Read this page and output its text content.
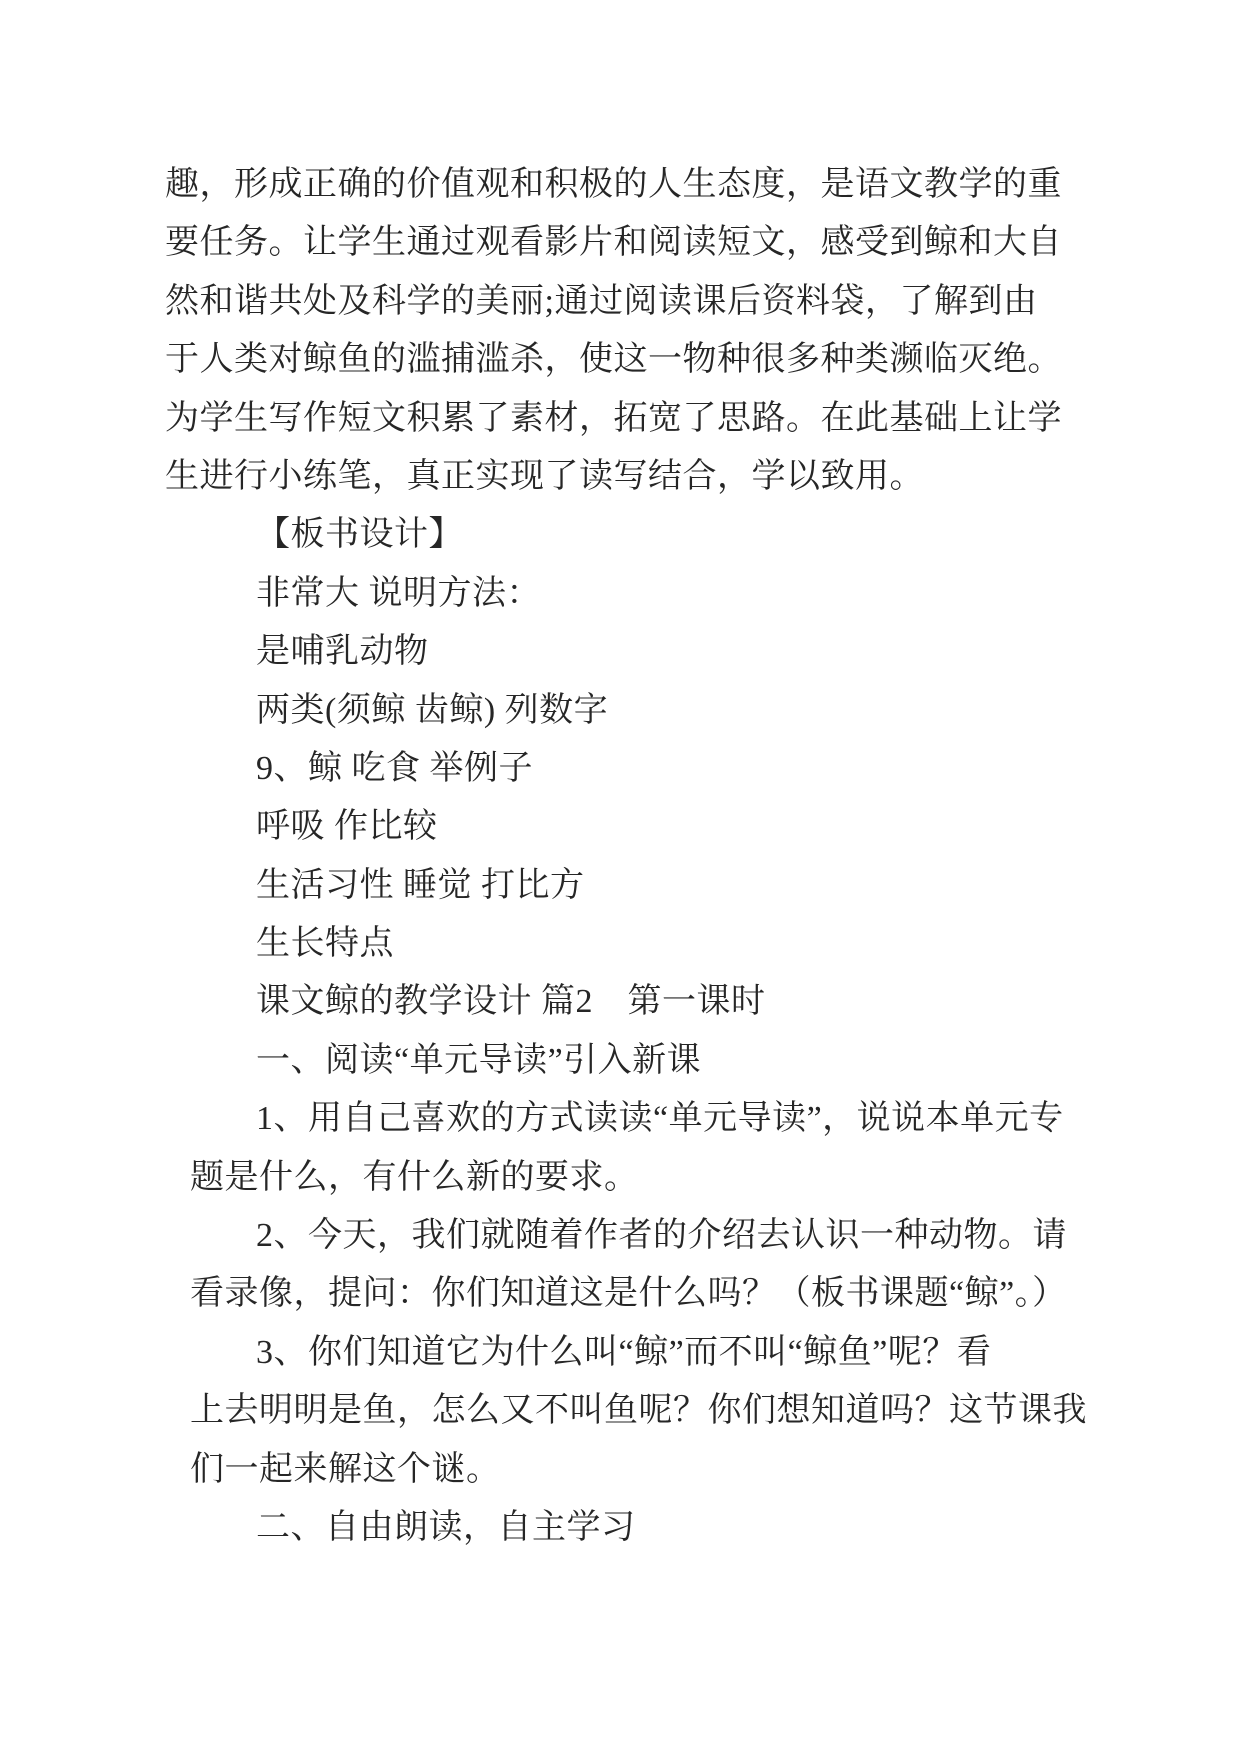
趣，形成正确的价值观和积极的人生态度，是语文教学的重
要任务。让学生通过观看影片和阅读短文，感受到鲸和大自
然和谐共处及科学的美丽;通过阅读课后资料袋，了解到由
于人类对鲸鱼的滥捕滥杀，使这一物种很多种类濒临灭绝。
为学生写作短文积累了素材，拓宽了思路。在此基础上让学
生进行小练笔，真正实现了读写结合，学以致用。
【板书设计】
非常大 说明方法：
是哺乳动物
两类(须鲸 齿鲸) 列数字
9、鲸 吃食 举例子
呼吸 作比较
生活习性 睡觉 打比方
生长特点
课文鲸的教学设计 篇2　第一课时
一、阅读“单元导读”引入新课
1、用自己喜欢的方式读读“单元导读”，说说本单元专
题是什么，有什么新的要求。
2、今天，我们就随着作者的介绍去认识一种动物。请
看录像，提问：你们知道这是什么吗？（板书课题“鲸”。）
3、你们知道它为什么叫“鲸”而不叫“鲸鱼”呢？看
上去明明是鱼，怎么又不叫鱼呢？你们想知道吗？这节课我
们一起来解这个谜。
二、自由朗读，自主学习
